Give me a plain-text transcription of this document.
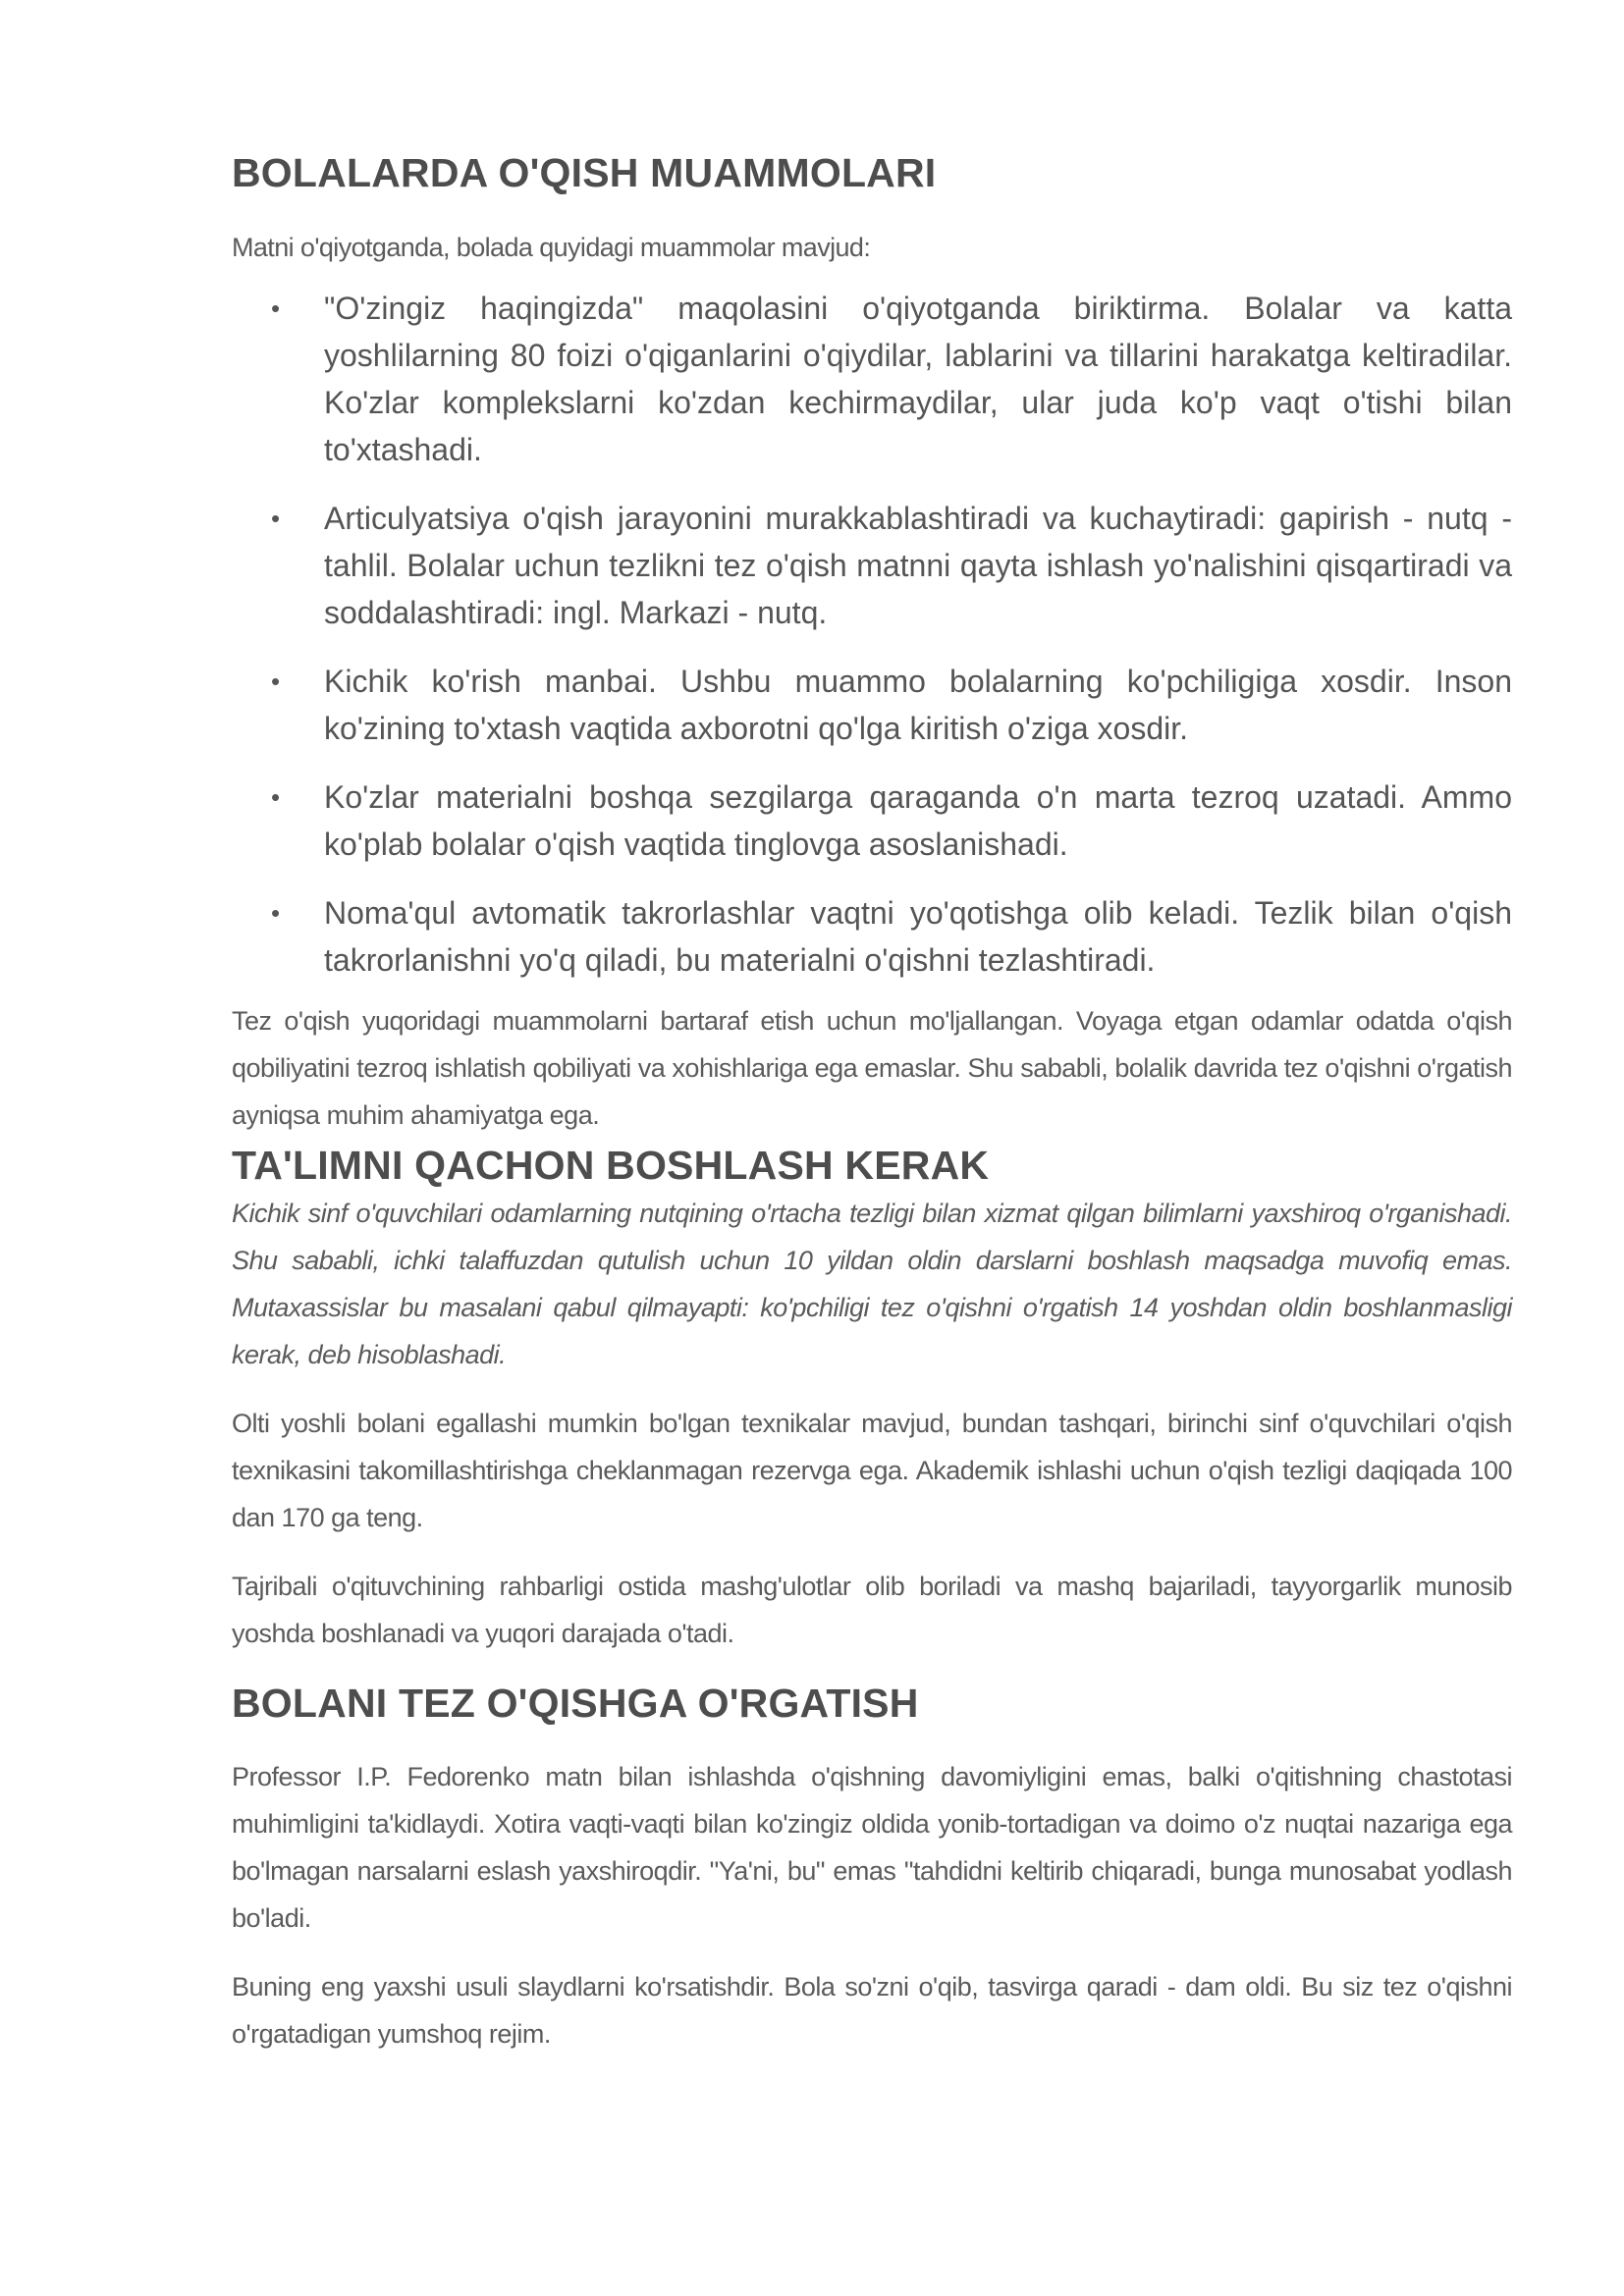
BOLALARDA O'QISH MUAMMOLARI

Matni o'qiyotganda, bolada quyidagi muammolar mavjud:

• "O'zingiz haqingizda" maqolasini o'qiyotganda biriktirma. Bolalar va katta yoshlilarning 80 foizi o'qiganlarini o'qiydilar, lablarini va tillarini harakatga keltiradilar. Ko'zlar komplekslarni ko'zdan kechirmaydilar, ular juda ko'p vaqt o'tishi bilan to'xtashadi.
• Articulyatsiya o'qish jarayonini murakkablashtiradi va kuchaytiradi: gapirish - nutq - tahlil. Bolalar uchun tezlikni tez o'qish matnni qayta ishlash yo'nalishini qisqartiradi va soddalashtiradi: ingl. Markazi - nutq.
• Kichik ko'rish manbai. Ushbu muammo bolalarning ko'pchiligiga xosdir. Inson ko'zining to'xtash vaqtida axborotni qo'lga kiritish o'ziga xosdir.
• Ko'zlar materialni boshqa sezgilarga qaraganda o'n marta tezroq uzatadi. Ammo ko'plab bolalar o'qish vaqtida tinglovga asoslanishadi.
• Noma'qul avtomatik takrorlashlar vaqtni yo'qotishga olib keladi. Tezlik bilan o'qish takrorlanishni yo'q qiladi, bu materialni o'qishni tezlashtiradi.

Tez o'qish yuqoridagi muammolarni bartaraf etish uchun mo'ljallangan. Voyaga etgan odamlar odatda o'qish qobiliyatini tezroq ishlatish qobiliyati va xohishlariga ega emaslar. Shu sababli, bolalik davrida tez o'qishni o'rgatish ayniqsa muhim ahamiyatga ega.

TA'LIMNI QACHON BOSHLASH KERAK

Kichik sinf o'quvchilari odamlarning nutqining o'rtacha tezligi bilan xizmat qilgan bilimlarni yaxshiroq o'rganishadi. Shu sababli, ichki talaffuzdan qutulish uchun 10 yildan oldin darslarni boshlash maqsadga muvofiq emas. Mutaxassislar bu masalani qabul qilmayapti: ko'pchiligi tez o'qishni o'rgatish 14 yoshdan oldin boshlanmasligi kerak, deb hisoblashadi.

Olti yoshli bolani egallashi mumkin bo'lgan texnikalar mavjud, bundan tashqari, birinchi sinf o'quvchilari o'qish texnikasini takomillashtirishga cheklanmagan rezervga ega. Akademik ishlashi uchun o'qish tezligi daqiqada 100 dan 170 ga teng.

Tajribali o'qituvchining rahbarligi ostida mashg'ulotlar olib boriladi va mashq bajariladi, tayyorgarlik munosib yoshda boshlanadi va yuqori darajada o'tadi.

BOLANI TEZ O'QISHGA O'RGATISH

Professor I.P. Fedorenko matn bilan ishlashda o'qishning davomiyligini emas, balki o'qitishning chastotasi muhimligini ta'kidlaydi. Xotira vaqti-vaqti bilan ko'zingiz oldida yonib-tortadigan va doimo o'z nuqtai nazariga ega bo'lmagan narsalarni eslash yaxshiroqdir. "Ya'ni, bu" emas "tahdidni keltirib chiqaradi, bunga munosabat yodlash bo'ladi.

Buning eng yaxshi usuli slaydlarni ko'rsatishdir. Bola so'zni o'qib, tasvirga qaradi - dam oldi. Bu siz tez o'qishni o'rgatadigan yumshoq rejim.
